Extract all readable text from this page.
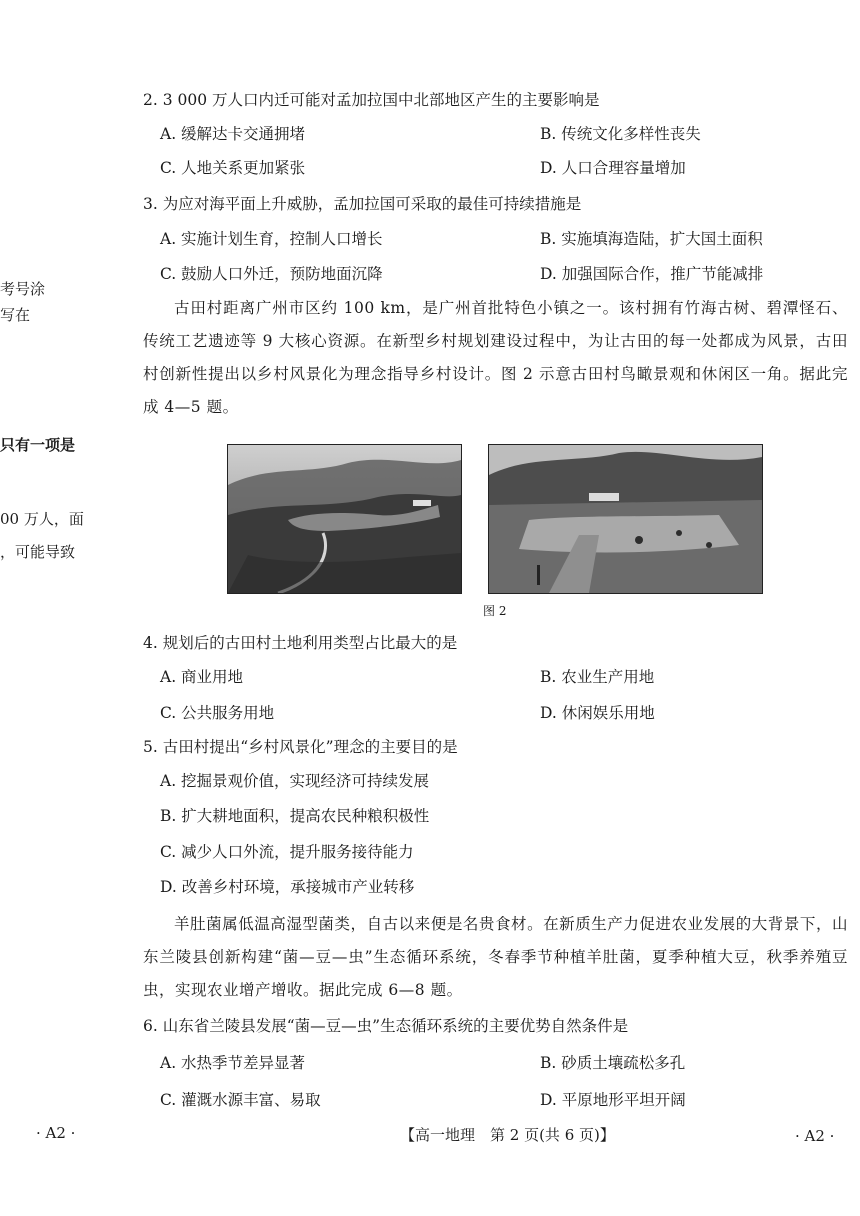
考号涂
写在
只有一项是
00 万人，面
，可能导致
2. 3 000 万人口内迁可能对孟加拉国中北部地区产生的主要影响是
A. 缓解达卡交通拥堵	B. 传统文化多样性丧失
C. 人地关系更加紧张	D. 人口合理容量增加
3. 为应对海平面上升威胁，孟加拉国可采取的最佳可持续措施是
A. 实施计划生育，控制人口增长	B. 实施填海造陆，扩大国土面积
C. 鼓励人口外迁，预防地面沉降	D. 加强国际合作，推广节能减排
古田村距离广州市区约 100 km，是广州首批特色小镇之一。该村拥有竹海古树、碧潭怪石、传统工艺遗迹等 9 大核心资源。在新型乡村规划建设过程中，为让古田的每一处都成为风景，古田村创新性提出以乡村风景化为理念指导乡村设计。图 2 示意古田村鸟瞰景观和休闲区一角。据此完成 4—5 题。
图 2
4. 规划后的古田村土地利用类型占比最大的是
A. 商业用地	B. 农业生产用地
C. 公共服务用地	D. 休闲娱乐用地
5. 古田村提出“乡村风景化”理念的主要目的是
A. 挖掘景观价值，实现经济可持续发展
B. 扩大耕地面积，提高农民种粮积极性
C. 减少人口外流，提升服务接待能力
D. 改善乡村环境，承接城市产业转移
羊肚菌属低温高湿型菌类，自古以来便是名贵食材。在新质生产力促进农业发展的大背景下，山东兰陵县创新构建“菌—豆—虫”生态循环系统，冬春季节种植羊肚菌，夏季种植大豆，秋季养殖豆虫，实现农业增产增收。据此完成 6—8 题。
6. 山东省兰陵县发展“菌—豆—虫”生态循环系统的主要优势自然条件是
A. 水热季节差异显著	B. 砂质土壤疏松多孔
C. 灌溉水源丰富、易取	D. 平原地形平坦开阔
· A2 ·	【高一地理　第 2 页(共 6 页)】	· A2 ·
